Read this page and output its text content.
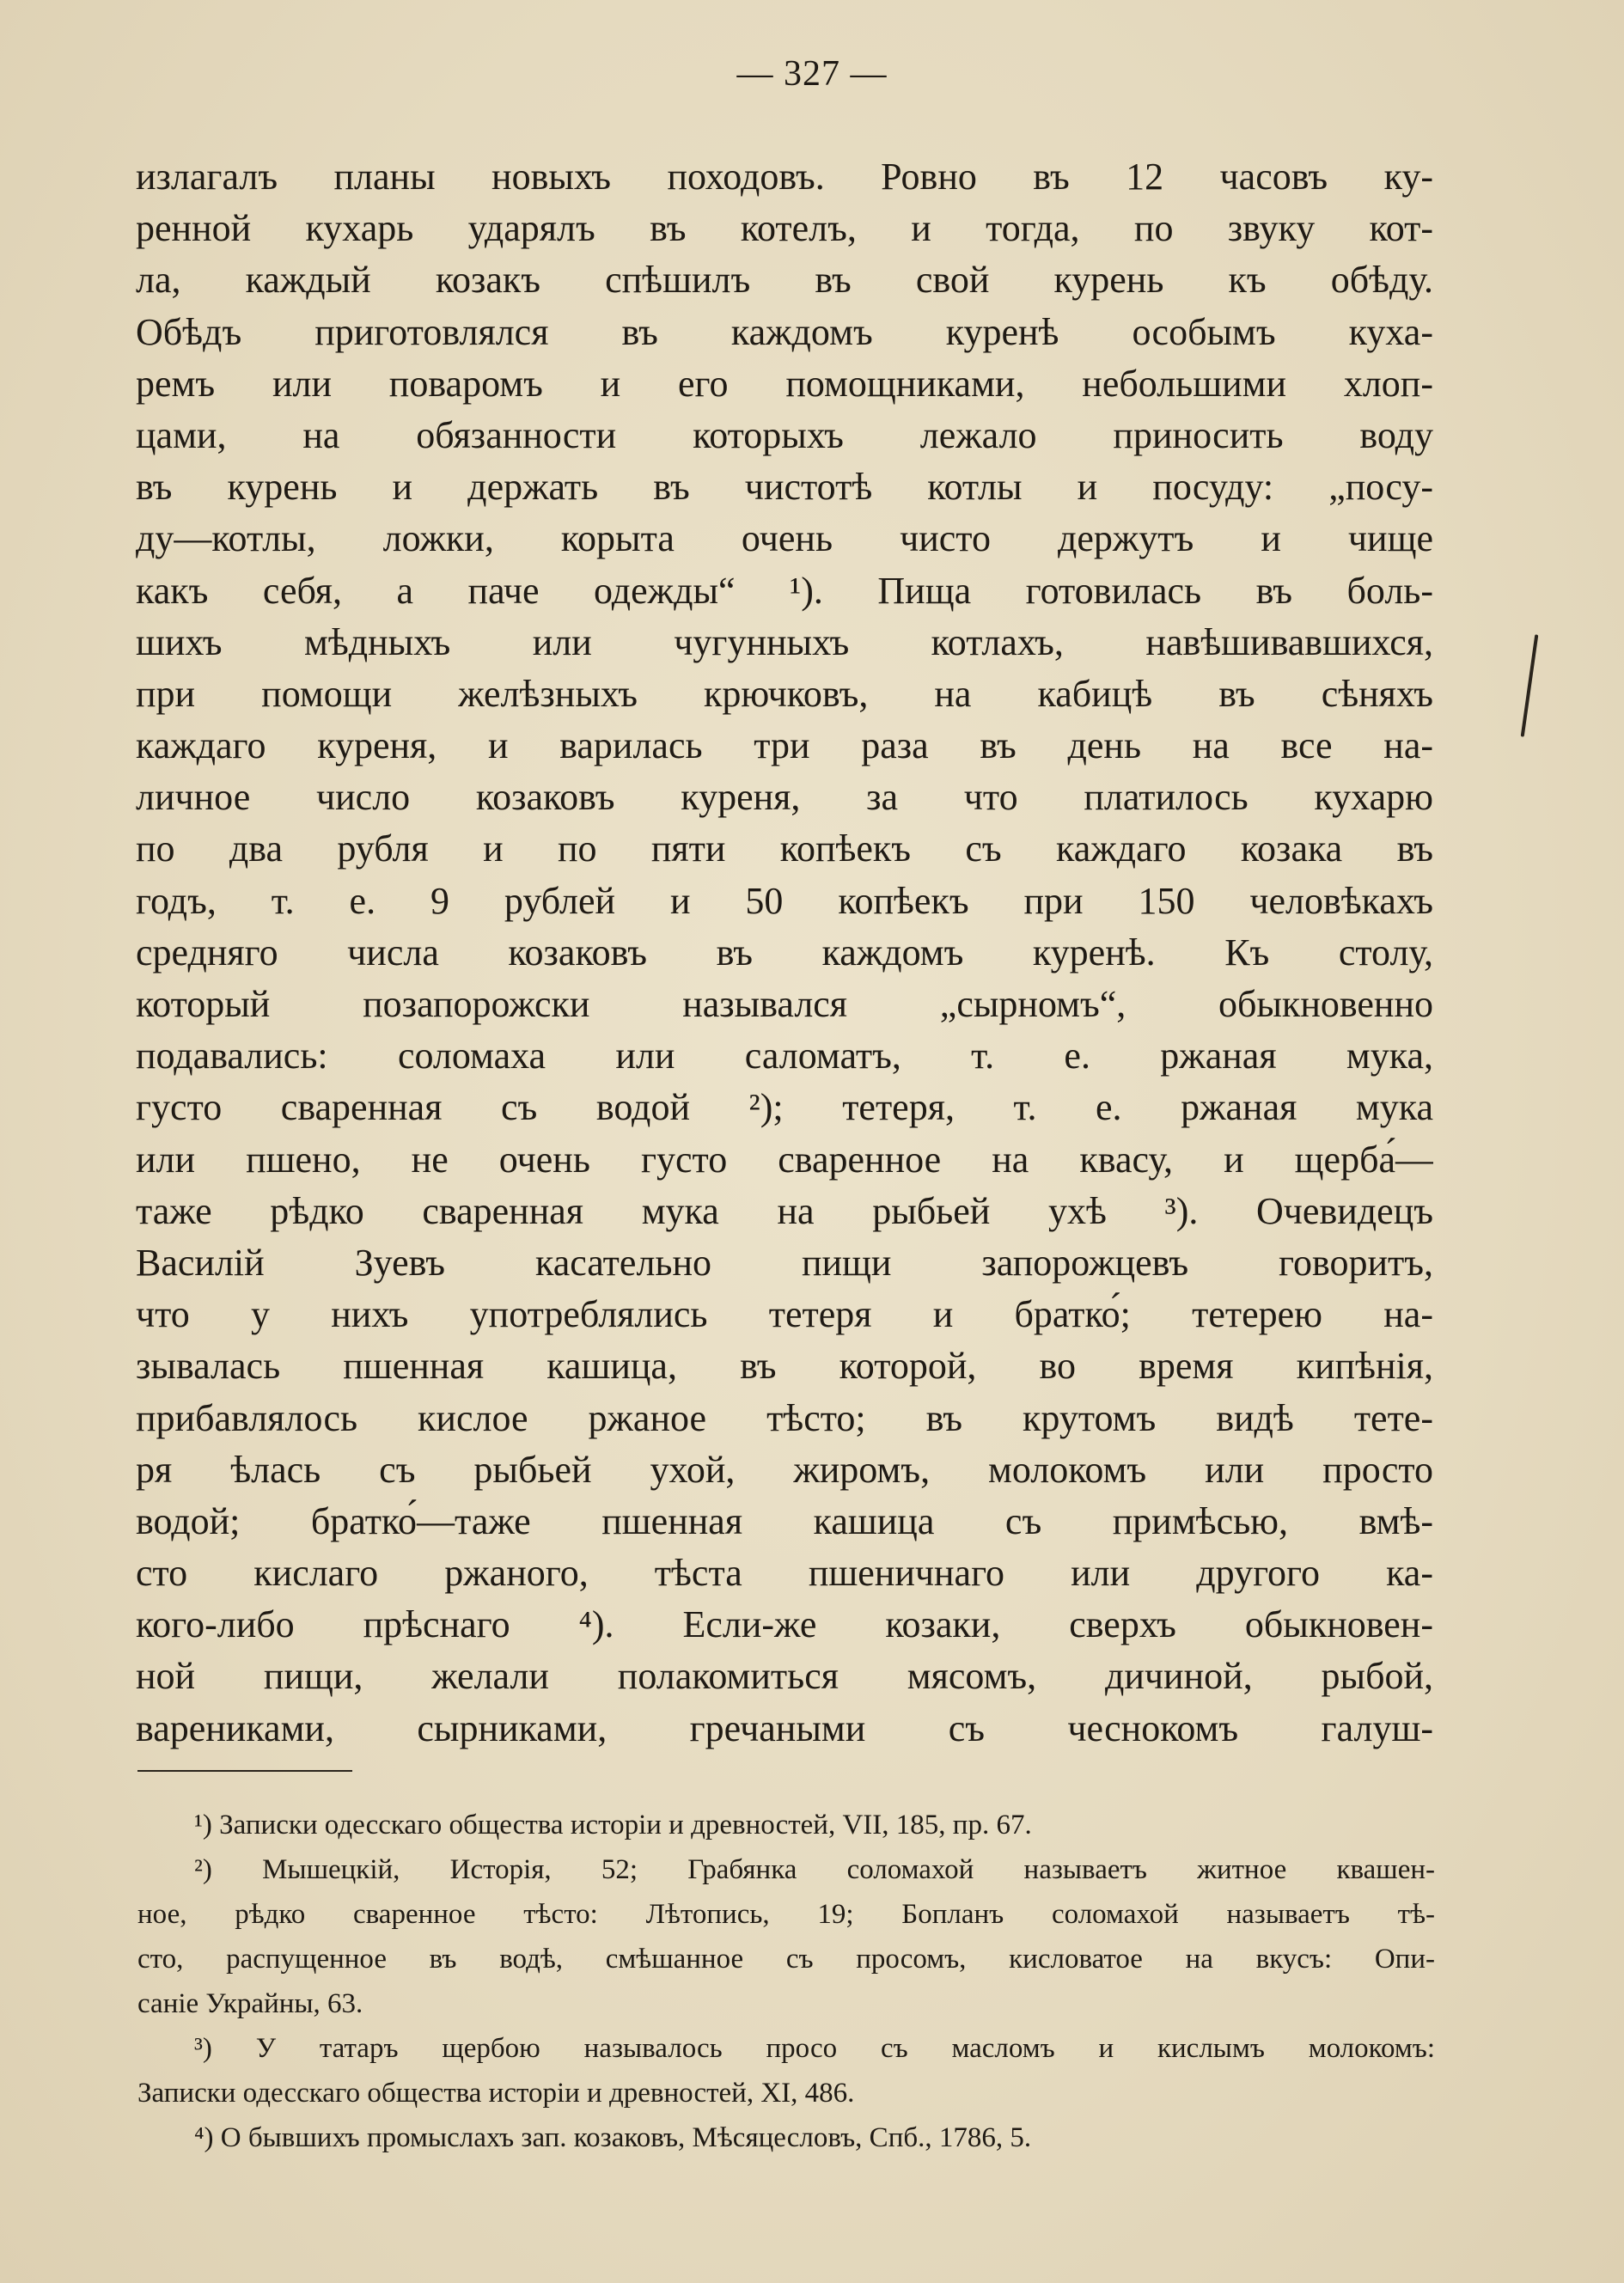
— 327 —
излагалъ планы новыхъ походовъ. Ровно въ 12 часовъ ку-
ренной кухарь ударялъ въ котелъ, и тогда, по звуку кот-
ла, каждый козакъ спѣшилъ въ свой курень къ обѣду.
Обѣдъ приготовлялся въ каждомъ куренѣ особымъ куха-
ремъ или поваромъ и его помощниками, небольшими хлоп-
цами, на обязанности которыхъ лежало приносить воду
въ курень и держать въ чистотѣ котлы и посуду: „посу-
ду—котлы, ложки, корыта очень чисто держутъ и чище
какъ себя, а паче одежды“ ¹). Пища готовилась въ боль-
шихъ мѣдныхъ или чугунныхъ котлахъ, навѣшивавшихся,
при помощи желѣзныхъ крючковъ, на кабицѣ въ сѣняхъ
каждаго куреня, и варилась три раза въ день на все на-
личное число козаковъ куреня, за что платилось кухарю
по два рубля и по пяти копѣекъ съ каждаго козака въ
годъ, т. е. 9 рублей и 50 копѣекъ при 150 человѣкахъ
средняго числа козаковъ въ каждомъ куренѣ. Къ столу,
который позапорожски назывался „сырномъ“, обыкновенно
подавались: соломаха или саломатъ, т. е. ржаная мука,
густо сваренная съ водой ²); тетеря, т. е. ржаная мука
или пшено, не очень густо сваренное на квасу, и щерба́—
таже рѣдко сваренная мука на рыбьей ухѣ ³). Очевидецъ
Василій Зуевъ касательно пищи запорожцевъ говоритъ,
что у нихъ употреблялись тетеря и братко́; тетерею на-
зывалась пшенная кашица, въ которой, во время кипѣнія,
прибавлялось кислое ржаное тѣсто; въ крутомъ видѣ тете-
ря ѣлась съ рыбьей ухой, жиромъ, молокомъ или просто
водой; братко́—таже пшенная кашица съ примѣсью, вмѣ-
сто кислаго ржаного, тѣста пшеничнаго или другого ка-
кого-либо прѣснаго ⁴). Если-же козаки, сверхъ обыкновен-
ной пищи, желали полакомиться мясомъ, дичиной, рыбой,
варениками, сырниками, гречаными съ чеснокомъ галуш-
¹) Записки одесскаго общества исторіи и древностей, VII, 185, пр. 67.
²) Мышецкій, Исторія, 52; Грабянка соломахой называетъ житное квашен-
ное, рѣдко сваренное тѣсто: Лѣтопись, 19; Бопланъ соломахой называетъ тѣ-
сто, распущенное въ водѣ, смѣшанное съ просомъ, кисловатое на вкусъ: Опи-
саніе Украйны, 63.
³) У татаръ щербою называлось просо съ масломъ и кислымъ молокомъ:
Записки одесскаго общества исторіи и древностей, XI, 486.
⁴) О бывшихъ промыслахъ зап. козаковъ, Мѣсяцесловъ, Спб., 1786, 5.
